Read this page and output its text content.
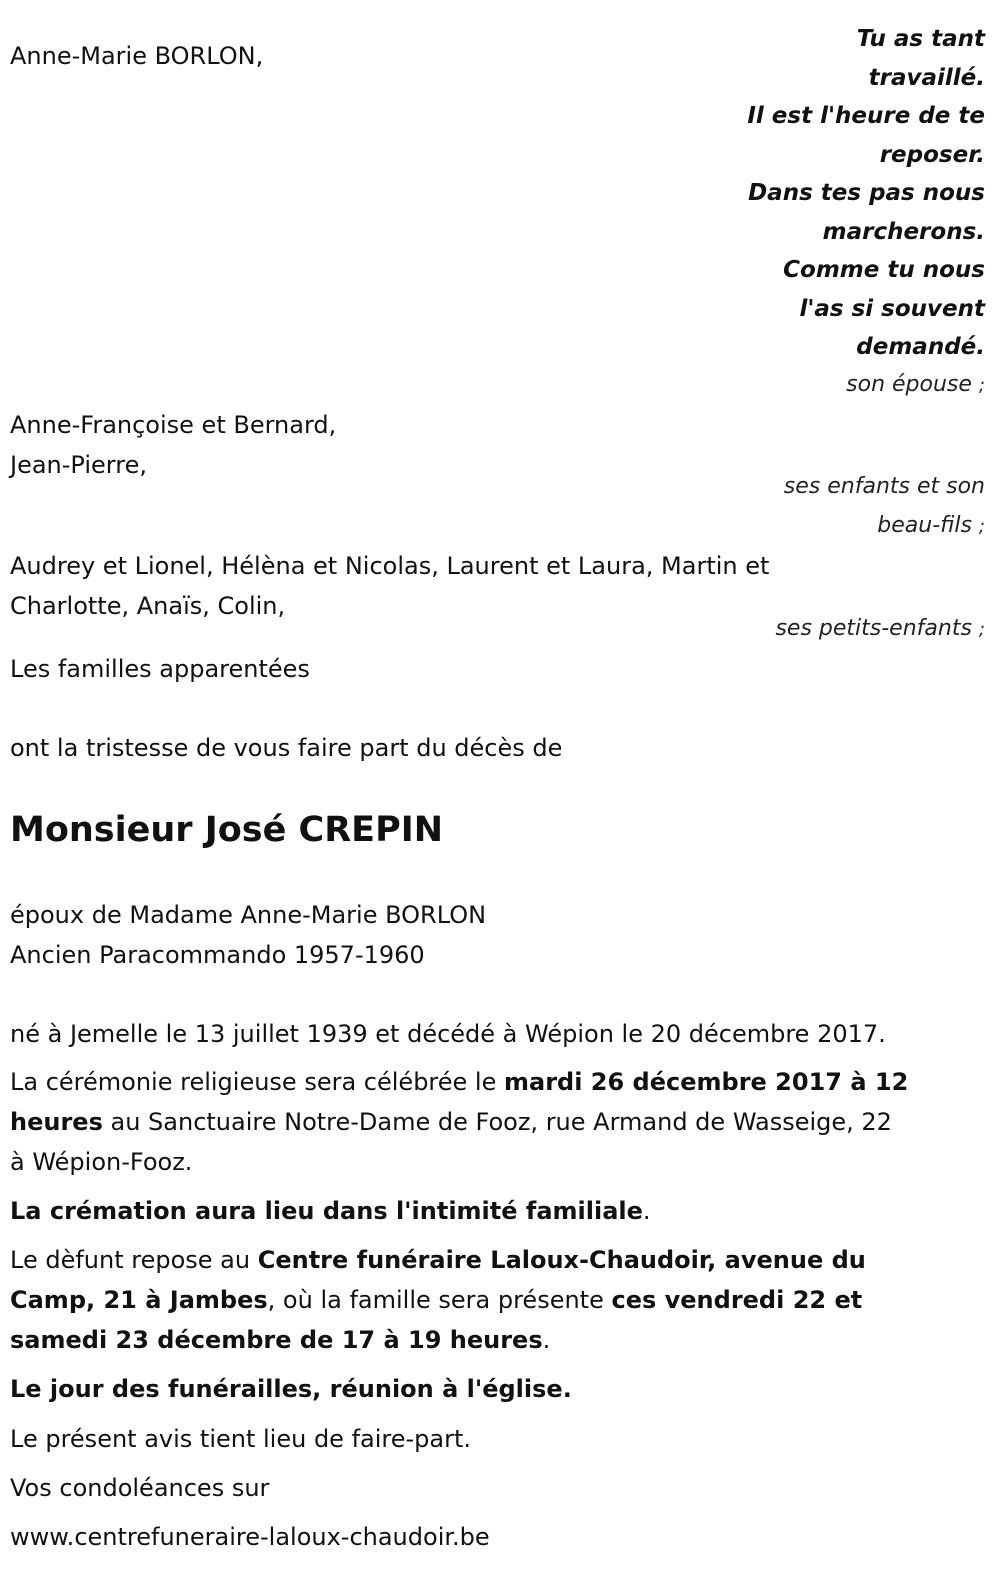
Tu as tant
travaillé.
Il est l'heure de te
reposer.
Dans tes pas nous
marcherons.
Comme tu nous
l'as si souvent
demandé.
Anne-Marie BORLON,
son épouse ;
Anne-Françoise et Bernard,
Jean-Pierre,
ses enfants et son
beau-fils ;
Audrey et Lionel, Hélèna et Nicolas, Laurent et Laura, Martin et
Charlotte, Anaïs, Colin,
ses petits-enfants ;
Les familles apparentées
ont la tristesse de vous faire part du décès de
Monsieur José CREPIN
époux de Madame Anne-Marie BORLON
Ancien Paracommando 1957-1960
né à Jemelle le 13 juillet 1939 et décédé à Wépion le 20 décembre 2017.
La cérémonie religieuse sera célébrée le mardi 26 décembre 2017 à 12
heures au Sanctuaire Notre-Dame de Fooz, rue Armand de Wasseige, 22
à Wépion-Fooz.
La crémation aura lieu dans l'intimité familiale.
Le dèfunt repose au Centre funéraire Laloux-Chaudoir, avenue du
Camp, 21 à Jambes, où la famille sera présente ces vendredi 22 et
samedi 23 décembre de 17 à 19 heures.
Le jour des funérailles, réunion à l'église.
Le présent avis tient lieu de faire-part.
Vos condoléances sur
www.centrefuneraire-laloux-chaudoir.be
